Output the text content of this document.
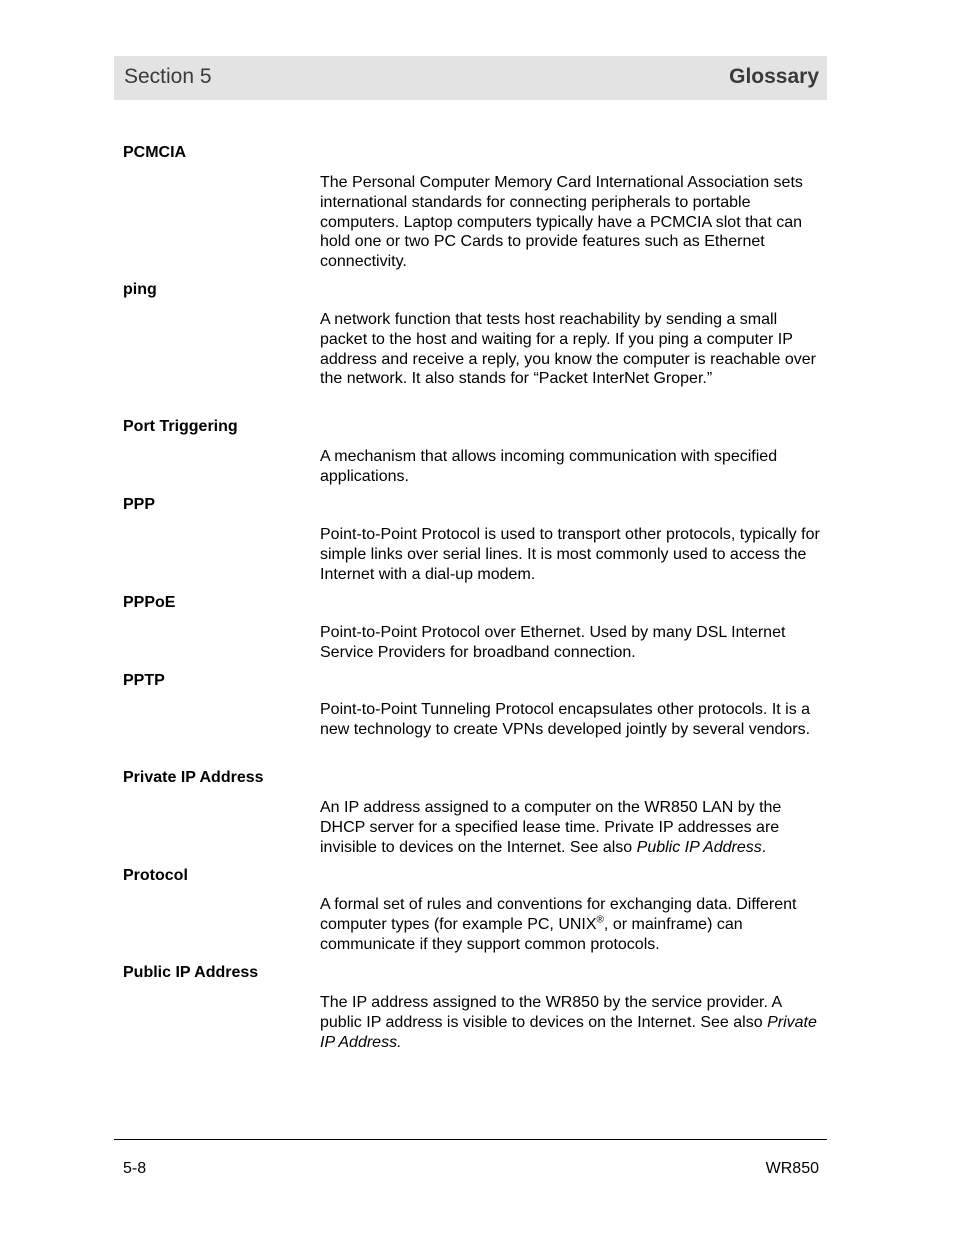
Section 5	Glossary
PCMCIA
The Personal Computer Memory Card International Association sets international standards for connecting peripherals to portable computers. Laptop computers typically have a PCMCIA slot that can hold one or two PC Cards to provide features such as Ethernet connectivity.
ping
A network function that tests host reachability by sending a small packet to the host and waiting for a reply. If you ping a computer IP address and receive a reply, you know the computer is reachable over the network. It also stands for “Packet InterNet Groper.”
Port Triggering
A mechanism that allows incoming communication with specified applications.
PPP
Point-to-Point Protocol is used to transport other protocols, typically for simple links over serial lines. It is most commonly used to access the Internet with a dial-up modem.
PPPoE
Point-to-Point Protocol over Ethernet. Used by many DSL Internet Service Providers for broadband connection.
PPTP
Point-to-Point Tunneling Protocol encapsulates other protocols. It is a new technology to create VPNs developed jointly by several vendors.
Private IP Address
An IP address assigned to a computer on the WR850 LAN by the DHCP server for a specified lease time. Private IP addresses are invisible to devices on the Internet. See also Public IP Address.
Protocol
A formal set of rules and conventions for exchanging data. Different computer types (for example PC, UNIX®, or mainframe) can communicate if they support common protocols.
Public IP Address
The IP address assigned to the WR850 by the service provider. A public IP address is visible to devices on the Internet. See also Private IP Address.
5-8	WR850
